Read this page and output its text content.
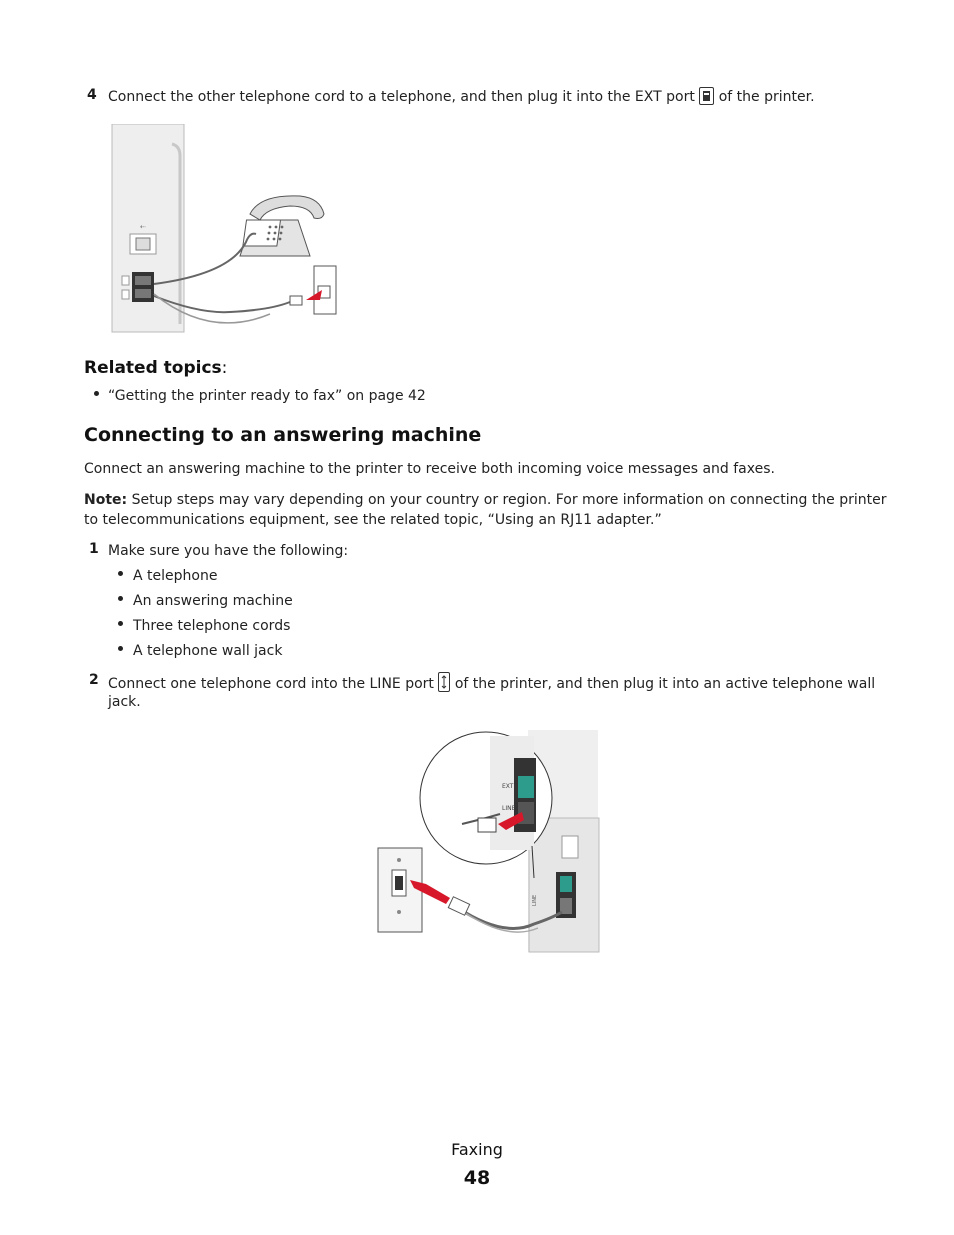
4 Connect the other telephone cord to a telephone, and then plug it into the EXT port of the printer.
⇠
Related topics:
“Getting the printer ready to fax” on page 42
Connecting to an answering machine
Connect an answering machine to the printer to receive both incoming voice messages and faxes.
Note: Setup steps may vary depending on your country or region. For more information on connecting the printer
to telecommunications equipment, see the related topic, “Using an RJ11 adapter.”
1 Make sure you have the following:
A telephone
An answering machine
Three telephone cords
A telephone wall jack
2 Connect one telephone cord into the LINE port of the printer, and then plug it into an active telephone wall
jack.
LINE
EXT
LINE
Faxing
48
